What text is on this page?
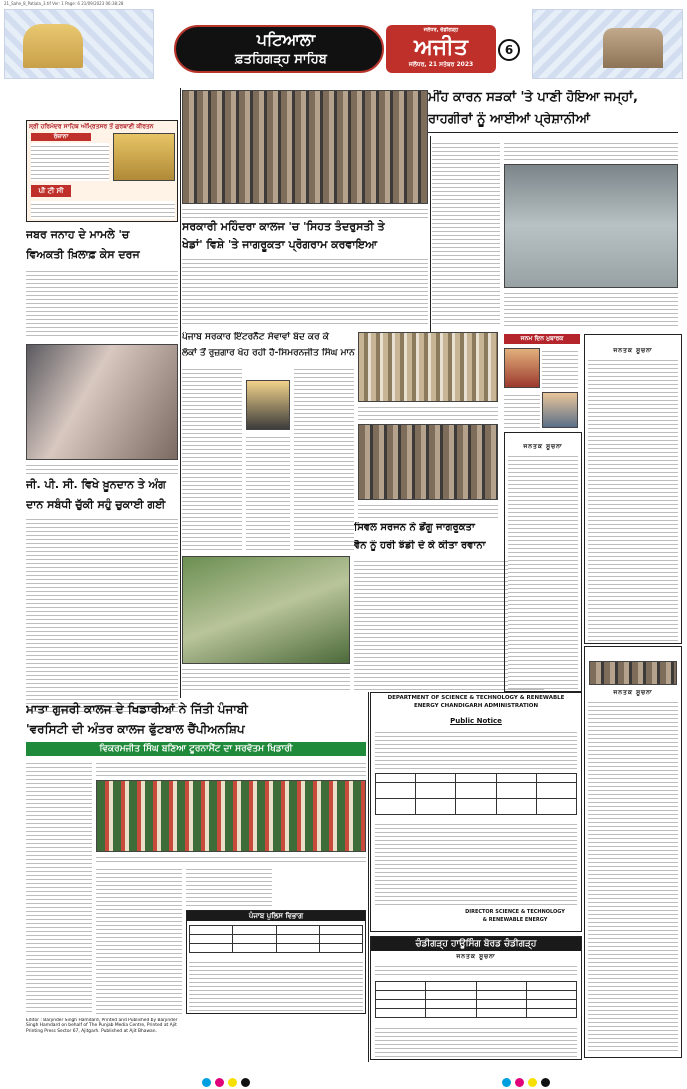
21_Sahe_8_Patiala_3.tif Ver: 1 Page: 6 21/09/2023 06:38:28
ਪਟਿਆਲਾ
ਫ਼ਤਹਿਗੜ੍ਹ ਸਾਹਿਬ
ਜਲੰਧਰ, ਚੰਡੀਗੜ੍ਹ
ਅਜੀਤ
ਜਲੰਧਰ, 21 ਸਤੰਬਰ 2023
6
ਸ੍ਰੀ ਹਰਿਮੰਦਰ ਸਾਹਿਬ ਅੰਮ੍ਰਿਤਸਰ ਤੋਂ ਗੁਰਬਾਣੀ ਕੀਰਤਨ
ਰੋਜ਼ਾਨਾ
ਪੀ ਟੀ ਸੀ
ਜਬਰ ਜਨਾਹ ਦੇ ਮਾਮਲੇ 'ਚ
ਵਿਅਕਤੀ ਖ਼ਿਲਾਫ਼ ਕੇਸ ਦਰਜ
ਜੀ. ਪੀ. ਸੀ. ਵਿਖੇ ਖ਼ੂਨਦਾਨ ਤੇ ਅੰਗ
ਦਾਨ ਸਬੰਧੀ ਚੁੱਕੀ ਸਹੁੰ ਚੁਕਾਈ ਗਈ
ਸਰਕਾਰੀ ਮਹਿੰਦਰਾ ਕਾਲਜ 'ਚ 'ਸਿਹਤ ਤੰਦਰੁਸਤੀ ਤੇ
ਖੇਡਾਂ' ਵਿਸ਼ੇ 'ਤੇ ਜਾਗਰੂਕਤਾ ਪ੍ਰੋਗਰਾਮ ਕਰਵਾਇਆ
ਪੰਜਾਬ ਸਰਕਾਰ ਇੰਟਰਨੈੱਟ ਸੇਵਾਵਾਂ ਬੰਦ ਕਰ ਕੇ
ਲੋਕਾਂ ਤੋਂ ਰੁਜ਼ਗਾਰ ਖੋਹ ਰਹੀ ਹੈ-ਸਿਮਰਨਜੀਤ ਸਿੰਘ ਮਾਨ
ਸਿਵਲ ਸਰਜਨ ਨੇ ਡੇਂਗੂ ਜਾਗਰੂਕਤਾ
ਵੈਨ ਨੂੰ ਹਰੀ ਝੰਡੀ ਦੇ ਕੇ ਕੀਤਾ ਰਵਾਨਾ
ਮੀਂਹ ਕਾਰਨ ਸੜਕਾਂ 'ਤੇ ਪਾਣੀ ਹੋਇਆ ਜਮ੍ਹਾਂ,
ਰਾਹਗੀਰਾਂ ਨੂੰ ਆਈਆਂ ਪ੍ਰੇਸ਼ਾਨੀਆਂ
ਜਨਮ ਦਿਨ ਮੁਬਾਰਕ
ਜਨਤਕ ਸੂਚਨਾ
ਜਨਤਕ ਸੂਚਨਾ
ਜਨਤਕ ਸੂਚਨਾ
ਮਾਤਾ ਗੁਜਰੀ ਕਾਲਜ ਦੇ ਖਿਡਾਰੀਆਂ ਨੇ ਜਿੱਤੀ ਪੰਜਾਬੀ
'ਵਰਸਿਟੀ ਦੀ ਅੰਤਰ ਕਾਲਜ ਫੁੱਟਬਾਲ ਚੈਂਪੀਅਨਸ਼ਿਪ
ਵਿਕਰਮਜੀਤ ਸਿੰਘ ਬਣਿਆ ਟੂਰਨਾਮੈਂਟ ਦਾ ਸਰਵੋਤਮ ਖਿਡਾਰੀ
ਪੰਜਾਬ ਪੁਲਿਸ ਵਿਭਾਗ

Editor : Barjinder Singh Hamdard, Printed and Published by Barjinder Singh Hamdard on behalf of The Punjab Media Centre, Printed at Ajit Printing Press Sector 67, Ajitgarh. Published at Ajit Bhawan.
DEPARTMENT OF SCIENCE & TECHNOLOGY & RENEWABLE
ENERGY CHANDIGARH ADMINISTRATION
Public Notice

DIRECTOR SCIENCE & TECHNOLOGY
& RENEWABLE ENERGY
ਚੰਡੀਗੜ੍ਹ ਹਾਊਸਿੰਗ ਬੋਰਡ ਚੰਡੀਗੜ੍ਹ
ਜਨਤਕ ਸੂਚਨਾ
